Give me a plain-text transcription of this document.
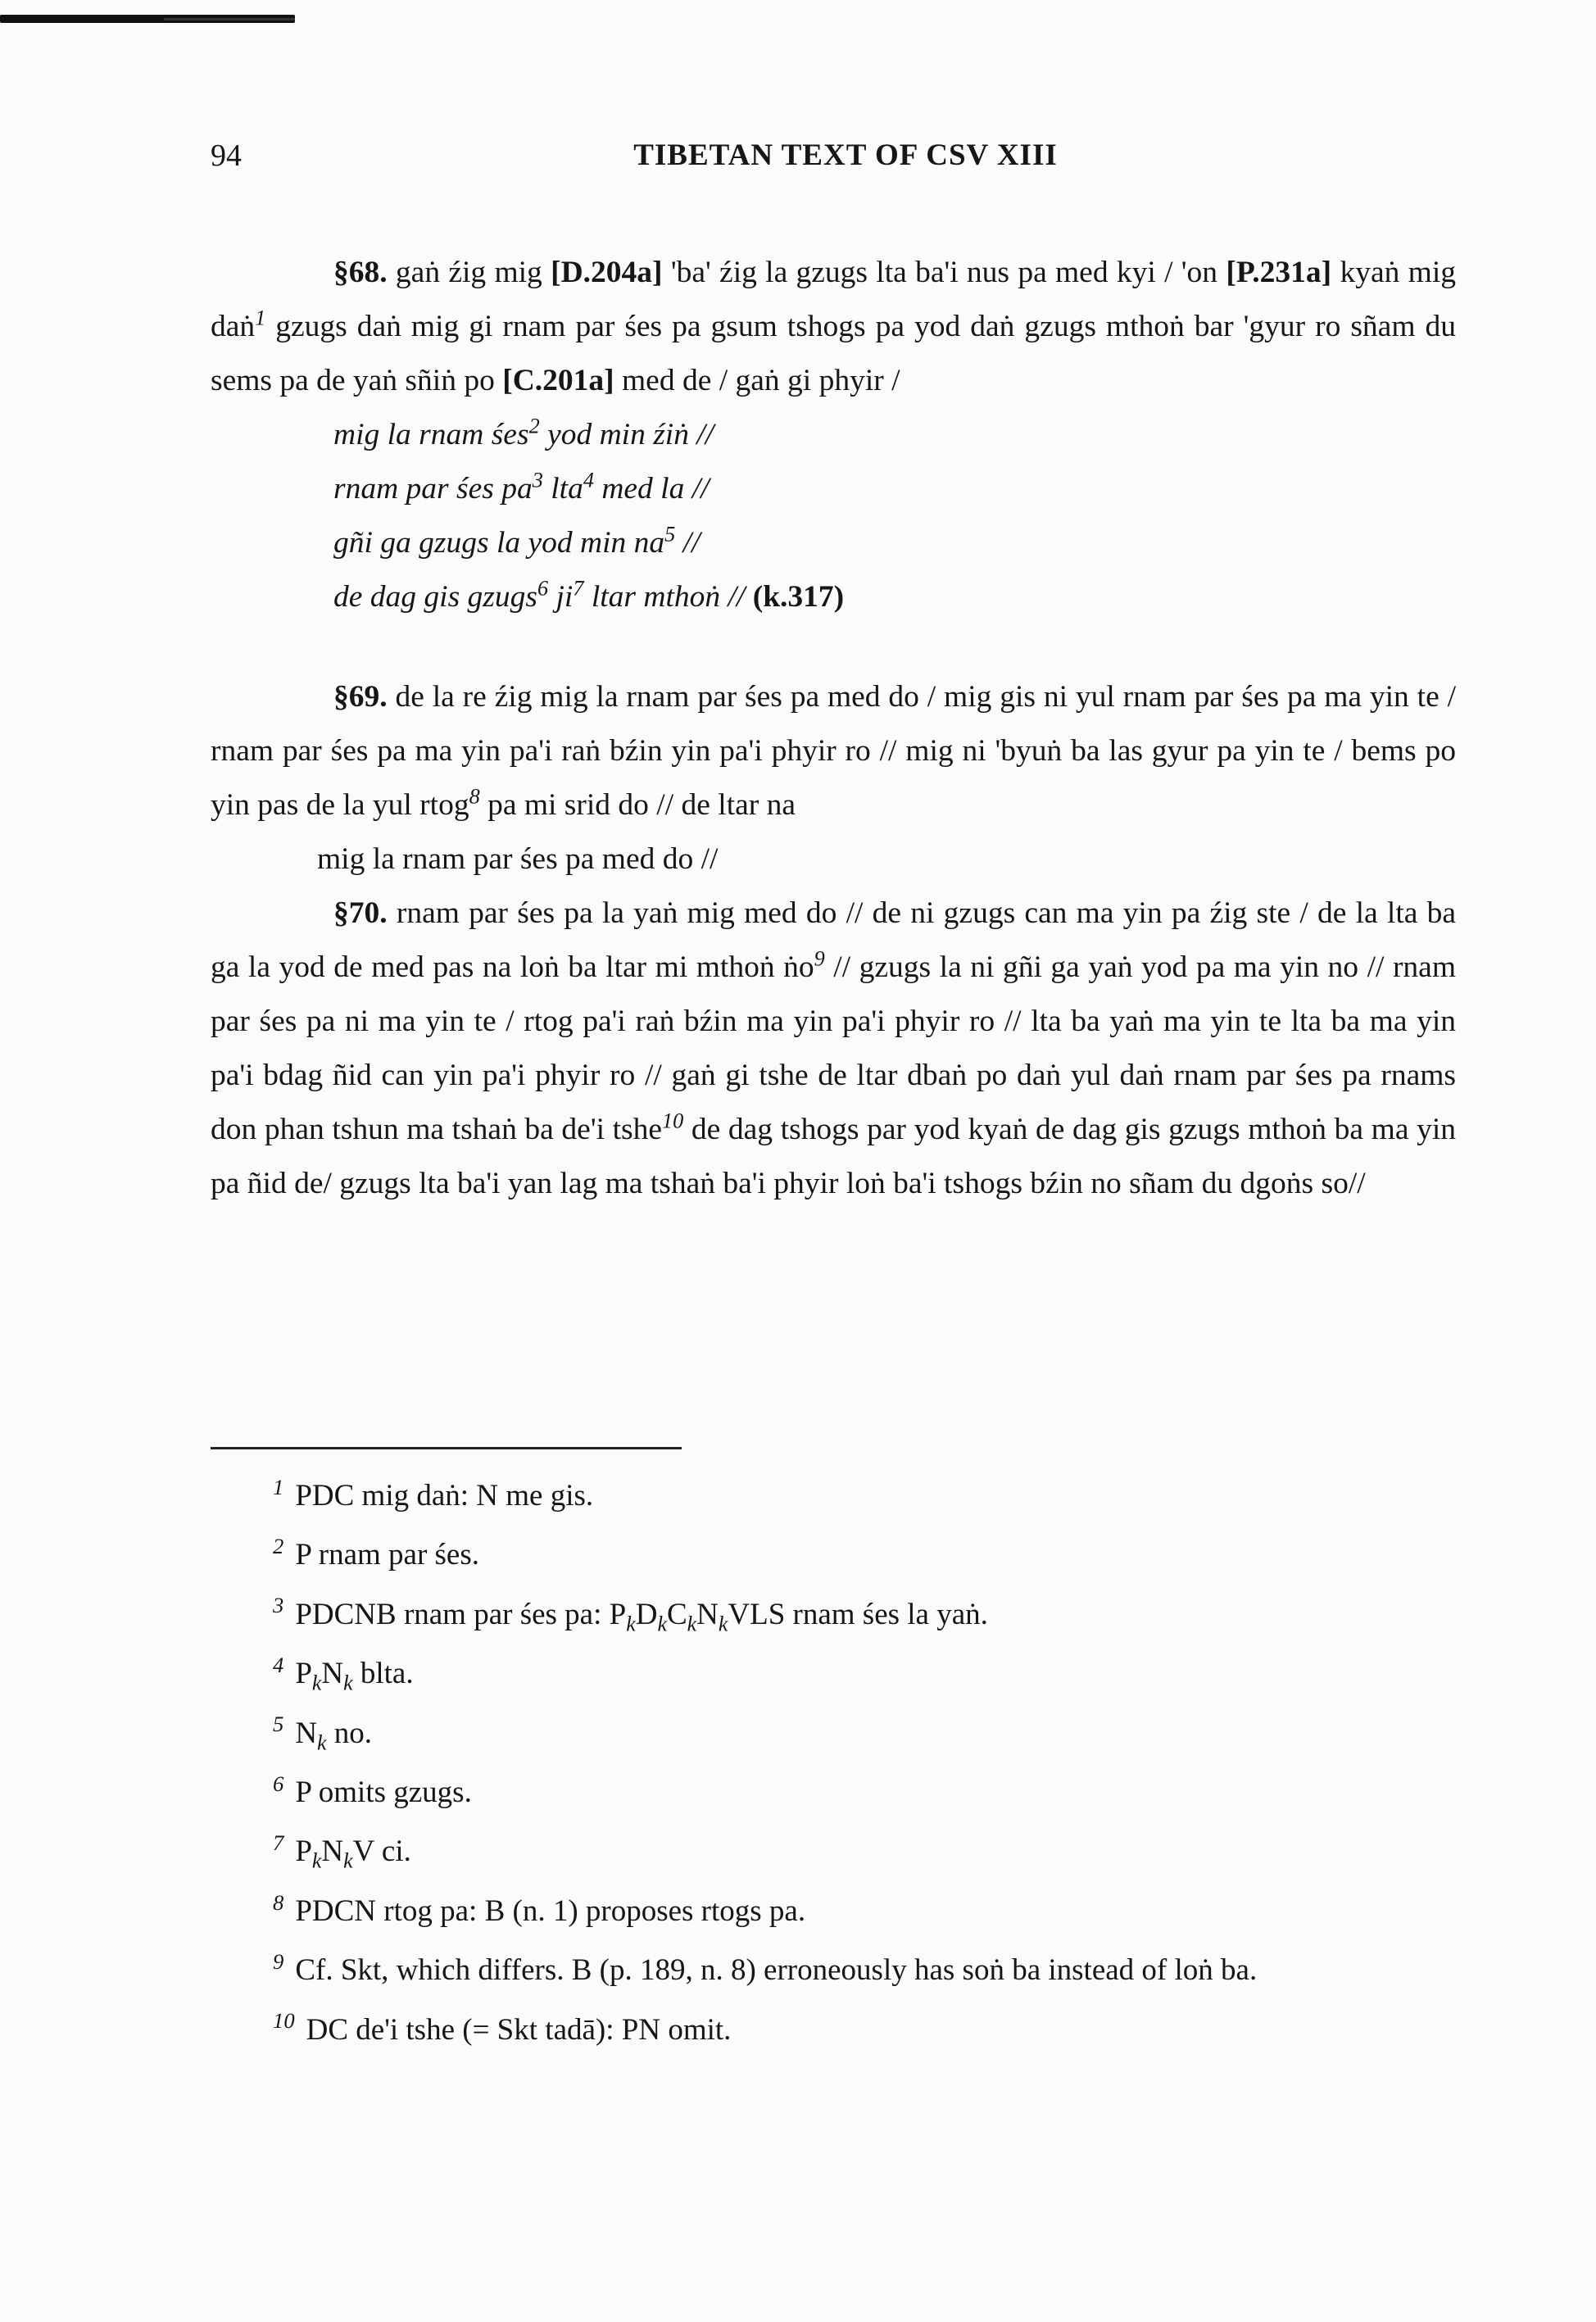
94	TIBETAN TEXT OF CSV XIII

§68. gaṅ źig mig [D.204a] 'ba' źig la gzugs lta ba'i nus pa med kyi / 'on [P.231a] kyaṅ mig daṅ$^1$ gzugs daṅ mig gi rnam par śes pa gsum tshogs pa yod daṅ gzugs mthoṅ bar 'gyur ro sñam du sems pa de yaṅ sñiṅ po [C.201a] med de / gaṅ gi phyir /

mig la rnam śes$^2$ yod min źiṅ //

rnam par śes $pa^3$ lta$^4$ med la //

gñi ga gzugs la yod $\min na^5$ //

de dag gis gzugs$^6$ $ji^7$ ltar mthoṅ // (k.317)

§69. de la re źig mig la rnam par śes pa med do / mig gis ni yul rnam par śes pa ma yin te / rnam par śes pa ma yin pa'i raṅ bźin yin pa'i phyir ro // mig ni 'byuṅ ba las gyur pa yin te / bems po yin pas de la yul rtog$^8$ pa mi srid do // de ltar na

mig la rnam par śes pa med do //

§70. rnam par śes pa la yaṅ mig med do // de ni gzugs can ma yin pa źig ste / de la lta ba ga la yod de med pas na loṅ ba ltar mi mthoṅ ṅo$^9$ // gzugs la ni gñi ga yaṅ yod pa ma yin no // rnam par śes pa ni ma yin te / rtog pa'i raṅ bźin ma yin pa'i phyir ro // lta ba yaṅ ma yin te lta ba ma yin pa'i bdag ñid can yin pa'i phyir ro // gaṅ gi tshe de ltar dbaṅ po daṅ yul daṅ rnam par śes pa rnams don phan tshun ma tshaṅ ba de'i tshe$^{10}$ de dag tshogs par yod kyaṅ de dag gis gzugs mthoṅ ba ma yin pa ñid de/ gzugs lta ba'i yan lag ma tshaṅ ba'i phyir loṅ ba'i tshogs bźin no sñam du dgoṅs so//

$^1$ PDC mig daṅ: N me gis.
$^2$ P rnam par śes.
$^3$ PDCNB rnam par śes pa: $P_kD_kC_kN_kVLS$ rnam śes la yaṅ.
$^4$ $P_kN_k$ blta.
$^5$ $N_k$ no.
$^6$ P omits gzugs.
$^7$ $P_kN_kV$ ci.
$^8$ PDCN rtog pa: B (n. 1) proposes rtogs pa.
$^9$ Cf. Skt, which differs. B (p. 189, n. 8) erroneously has soṅ ba instead of loṅ ba.
$^{10}$ DC de'i tshe (= Skt tadā): PN omit.
